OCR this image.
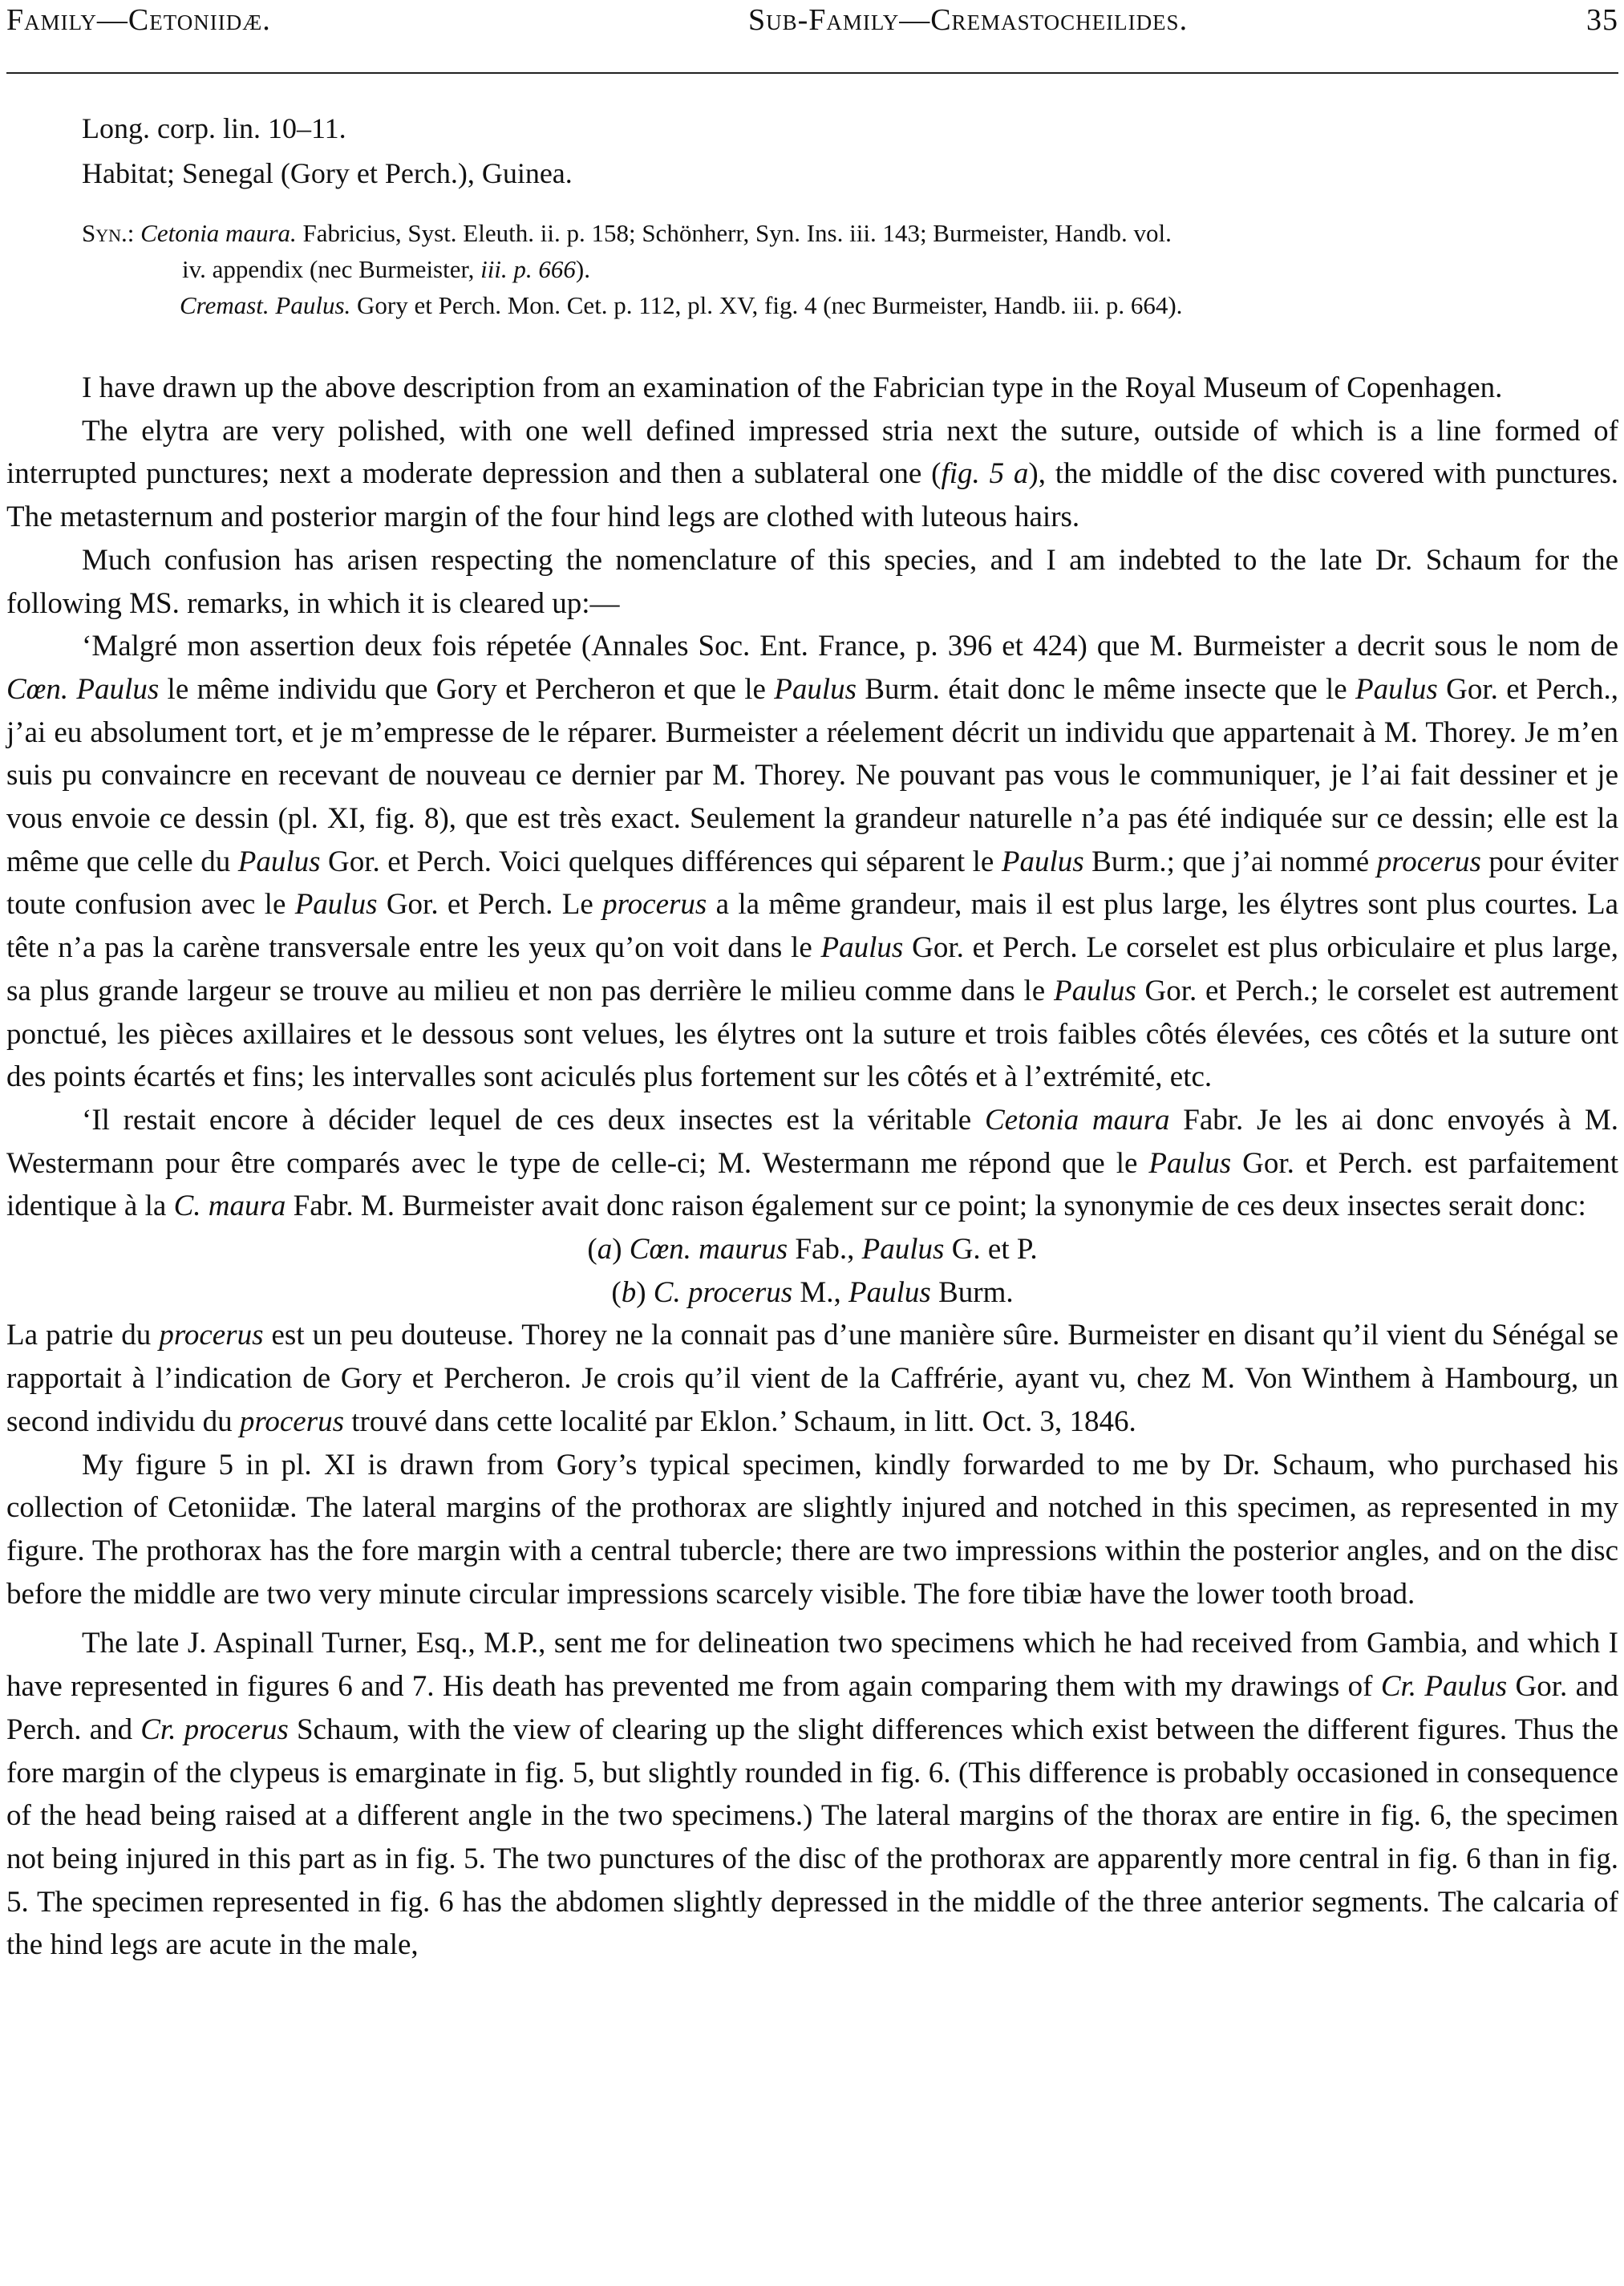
Family—Cetoniidæ.	Sub-Family—Cremastocheilides.	35
Long. corp. lin. 10–11.
Habitat; Senegal (Gory et Perch.), Guinea.
Syn.: Cetonia maura. Fabricius, Syst. Eleuth. ii. p. 158; Schönherr, Syn. Ins. iii. 143; Burmeister, Handb. vol.
iv. appendix (nec Burmeister, iii. p. 666).
Cremast. Paulus. Gory et Perch. Mon. Cet. p. 112, pl. XV, fig. 4 (nec Burmeister, Handb. iii. p. 664).

I have drawn up the above description from an examination of the Fabrician type in the Royal Museum of Copenhagen.

The elytra are very polished, with one well defined impressed stria next the suture, outside of which is a line formed of interrupted punctures; next a moderate depression and then a sublateral one (fig. 5 a), the middle of the disc covered with punctures. The metasternum and posterior margin of the four hind legs are clothed with luteous hairs.

Much confusion has arisen respecting the nomenclature of this species, and I am indebted to the late Dr. Schaum for the following MS. remarks, in which it is cleared up:—

‘Malgré mon assertion deux fois répetée (Annales Soc. Ent. France, p. 396 et 424) que M. Burmeister a decrit sous le nom de Cœn. Paulus le même individu que Gory et Percheron et que le Paulus Burm. était donc le même insecte que le Paulus Gor. et Perch., j’ai eu absolument tort, et je m’empresse de le réparer. Burmeister a réelement décrit un individu que appartenait à M. Thorey. Je m’en suis pu convaincre en recevant de nouveau ce dernier par M. Thorey. Ne pouvant pas vous le communiquer, je l’ai fait dessiner et je vous envoie ce dessin (pl. XI, fig. 8), que est très exact. Seulement la grandeur naturelle n’a pas été indiquée sur ce dessin; elle est la même que celle du Paulus Gor. et Perch. Voici quelques différences qui séparent le Paulus Burm.; que j’ai nommé procerus pour éviter toute confusion avec le Paulus Gor. et Perch. Le procerus a la même grandeur, mais il est plus large, les élytres sont plus courtes. La tête n’a pas la carène transversale entre les yeux qu’on voit dans le Paulus Gor. et Perch. Le corselet est plus orbiculaire et plus large, sa plus grande largeur se trouve au milieu et non pas derrière le milieu comme dans le Paulus Gor. et Perch.; le corselet est autrement ponctué, les pièces axillaires et le dessous sont velues, les élytres ont la suture et trois faibles côtés élevées, ces côtés et la suture ont des points écartés et fins; les intervalles sont aciculés plus fortement sur les côtés et à l’extrémité, etc.

‘Il restait encore à décider lequel de ces deux insectes est la véritable Cetonia maura Fabr. Je les ai donc envoyés à M. Westermann pour être comparés avec le type de celle-ci; M. Westermann me répond que le Paulus Gor. et Perch. est parfaitement identique à la C. maura Fabr. M. Burmeister avait donc raison également sur ce point; la synonymie de ces deux insectes serait donc:

(a) Cœn. maurus Fab., Paulus G. et P.

(b) C. procerus M., Paulus Burm.

La patrie du procerus est un peu douteuse. Thorey ne la connait pas d’une manière sûre. Burmeister en disant qu’il vient du Sénégal se rapportait à l’indication de Gory et Percheron. Je crois qu’il vient de la Caffrérie, ayant vu, chez M. Von Winthem à Hambourg, un second individu du procerus trouvé dans cette localité par Eklon.’ Schaum, in litt. Oct. 3, 1846.

My figure 5 in pl. XI is drawn from Gory’s typical specimen, kindly forwarded to me by Dr. Schaum, who purchased his collection of Cetoniidæ. The lateral margins of the prothorax are slightly injured and notched in this specimen, as represented in my figure. The prothorax has the fore margin with a central tubercle; there are two impressions within the posterior angles, and on the disc before the middle are two very minute circular impressions scarcely visible. The fore tibiæ have the lower tooth broad.

The late J. Aspinall Turner, Esq., M.P., sent me for delineation two specimens which he had received from Gambia, and which I have represented in figures 6 and 7. His death has prevented me from again comparing them with my drawings of Cr. Paulus Gor. and Perch. and Cr. procerus Schaum, with the view of clearing up the slight differences which exist between the different figures. Thus the fore margin of the clypeus is emarginate in fig. 5, but slightly rounded in fig. 6. (This difference is probably occasioned in consequence of the head being raised at a different angle in the two specimens.) The lateral margins of the thorax are entire in fig. 6, the specimen not being injured in this part as in fig. 5. The two punctures of the disc of the prothorax are apparently more central in fig. 6 than in fig. 5. The specimen represented in fig. 6 has the abdomen slightly depressed in the middle of the three anterior segments. The calcaria of the hind legs are acute in the male,
